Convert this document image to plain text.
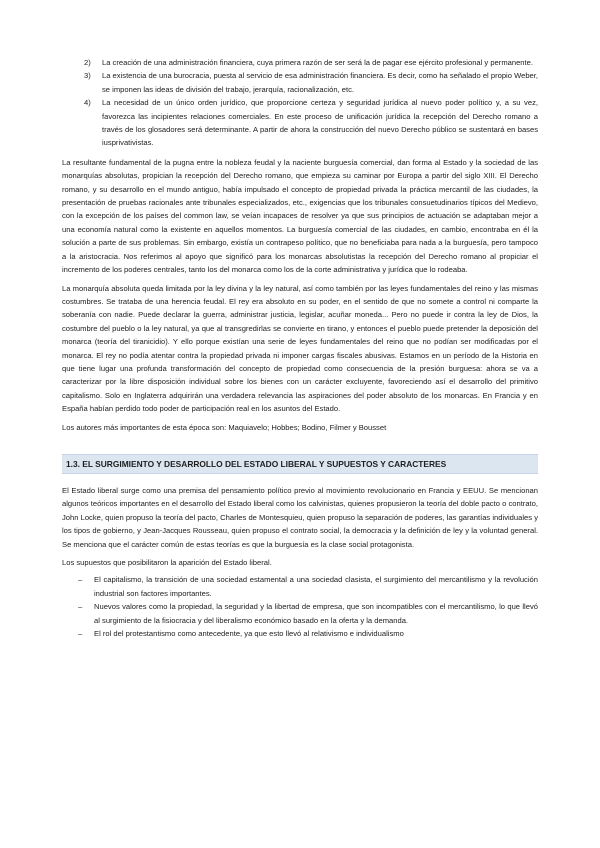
2) La creación de una administración financiera, cuya primera razón de ser será la de pagar ese ejército profesional y permanente.
3) La existencia de una burocracia, puesta al servicio de esa administración financiera. Es decir, como ha señalado el propio Weber, se imponen las ideas de división del trabajo, jerarquía, racionalización, etc.
4) La necesidad de un único orden jurídico, que proporcione certeza y seguridad jurídica al nuevo poder político y, a su vez, favorezca las incipientes relaciones comerciales. En este proceso de unificación jurídica la recepción del Derecho romano a través de los glosadores será determinante. A partir de ahora la construcción del nuevo Derecho público se sustentará en bases iusprivativistas.

La resultante fundamental de la pugna entre la nobleza feudal y la naciente burguesía comercial, dan forma al Estado y la sociedad de las monarquías absolutas, propician la recepción del Derecho romano, que empieza su caminar por Europa a partir del siglo XIII. El Derecho romano, y su desarrollo en el mundo antiguo, había impulsado el concepto de propiedad privada la práctica mercantil de las ciudades, la presentación de pruebas racionales ante tribunales especializados, etc., exigencias que los tribunales consuetudinarios típicos del Medievo, con la excepción de los países del common law, se veían incapaces de resolver ya que sus principios de actuación se adaptaban mejor a una economía natural como la existente en aquellos momentos. La burguesía comercial de las ciudades, en cambio, encontraba en él la solución a parte de sus problemas. Sin embargo, existía un contrapeso político, que no beneficiaba para nada a la burguesía, pero tampoco a la aristocracia. Nos referimos al apoyo que significó para los monarcas absolutistas la recepción del Derecho romano al propiciar el incremento de los poderes centrales, tanto los del monarca como los de la corte administrativa y jurídica que lo rodeaba.

La monarquía absoluta queda limitada por la ley divina y la ley natural, así como también por las leyes fundamentales del reino y las mismas costumbres. Se trataba de una herencia feudal. El rey era absoluto en su poder, en el sentido de que no somete a control ni comparte la soberanía con nadie. Puede declarar la guerra, administrar justicia, legislar, acuñar moneda... Pero no puede ir contra la ley de Dios, la costumbre del pueblo o la ley natural, ya que al transgredirlas se convierte en tirano, y entonces el pueblo puede pretender la deposición del monarca (teoría del tiranicidio). Y ello porque existían una serie de leyes fundamentales del reino que no podían ser modificadas por el monarca. El rey no podía atentar contra la propiedad privada ni imponer cargas fiscales abusivas. Estamos en un período de la Historia en que tiene lugar una profunda transformación del concepto de propiedad como consecuencia de la presión burguesa: ahora se va a caracterizar por la libre disposición individual sobre los bienes con un carácter excluyente, favoreciendo así el desarrollo del primitivo capitalismo. Solo en Inglaterra adquirirán una verdadera relevancia las aspiraciones del poder absoluto de los monarcas. En Francia y en España habían perdido todo poder de participación real en los asuntos del Estado.

Los autores más importantes de esta época son: Maquiavelo; Hobbes; Bodino, Filmer y Bousset

1.3. EL SURGIMIENTO Y DESARROLLO DEL ESTADO LIBERAL Y SUPUESTOS Y CARACTERES

El Estado liberal surge como una premisa del pensamiento político previo al movimiento revolucionario en Francia y EEUU. Se mencionan algunos teóricos importantes en el desarrollo del Estado liberal como los calvinistas, quienes propusieron la teoría del doble pacto o contrato, John Locke, quien propuso la teoría del pacto, Charles de Montesquieu, quien propuso la separación de poderes, las garantías individuales y los tipos de gobierno, y Jean-Jacques Rousseau, quien propuso el contrato social, la democracia y la definición de ley y la voluntad general. Se menciona que el carácter común de estas teorías es que la burguesía es la clase social protagonista.

Los supuestos que posibilitaron la aparición del Estado liberal.

– El capitalismo, la transición de una sociedad estamental a una sociedad clasista, el surgimiento del mercantilismo y la revolución industrial son factores importantes.
– Nuevos valores como la propiedad, la seguridad y la libertad de empresa, que son incompatibles con el mercantilismo, lo que llevó al surgimiento de la fisiocracia y del liberalismo económico basado en la oferta y la demanda.
– El rol del protestantismo como antecedente, ya que esto llevó al relativismo e individualismo
